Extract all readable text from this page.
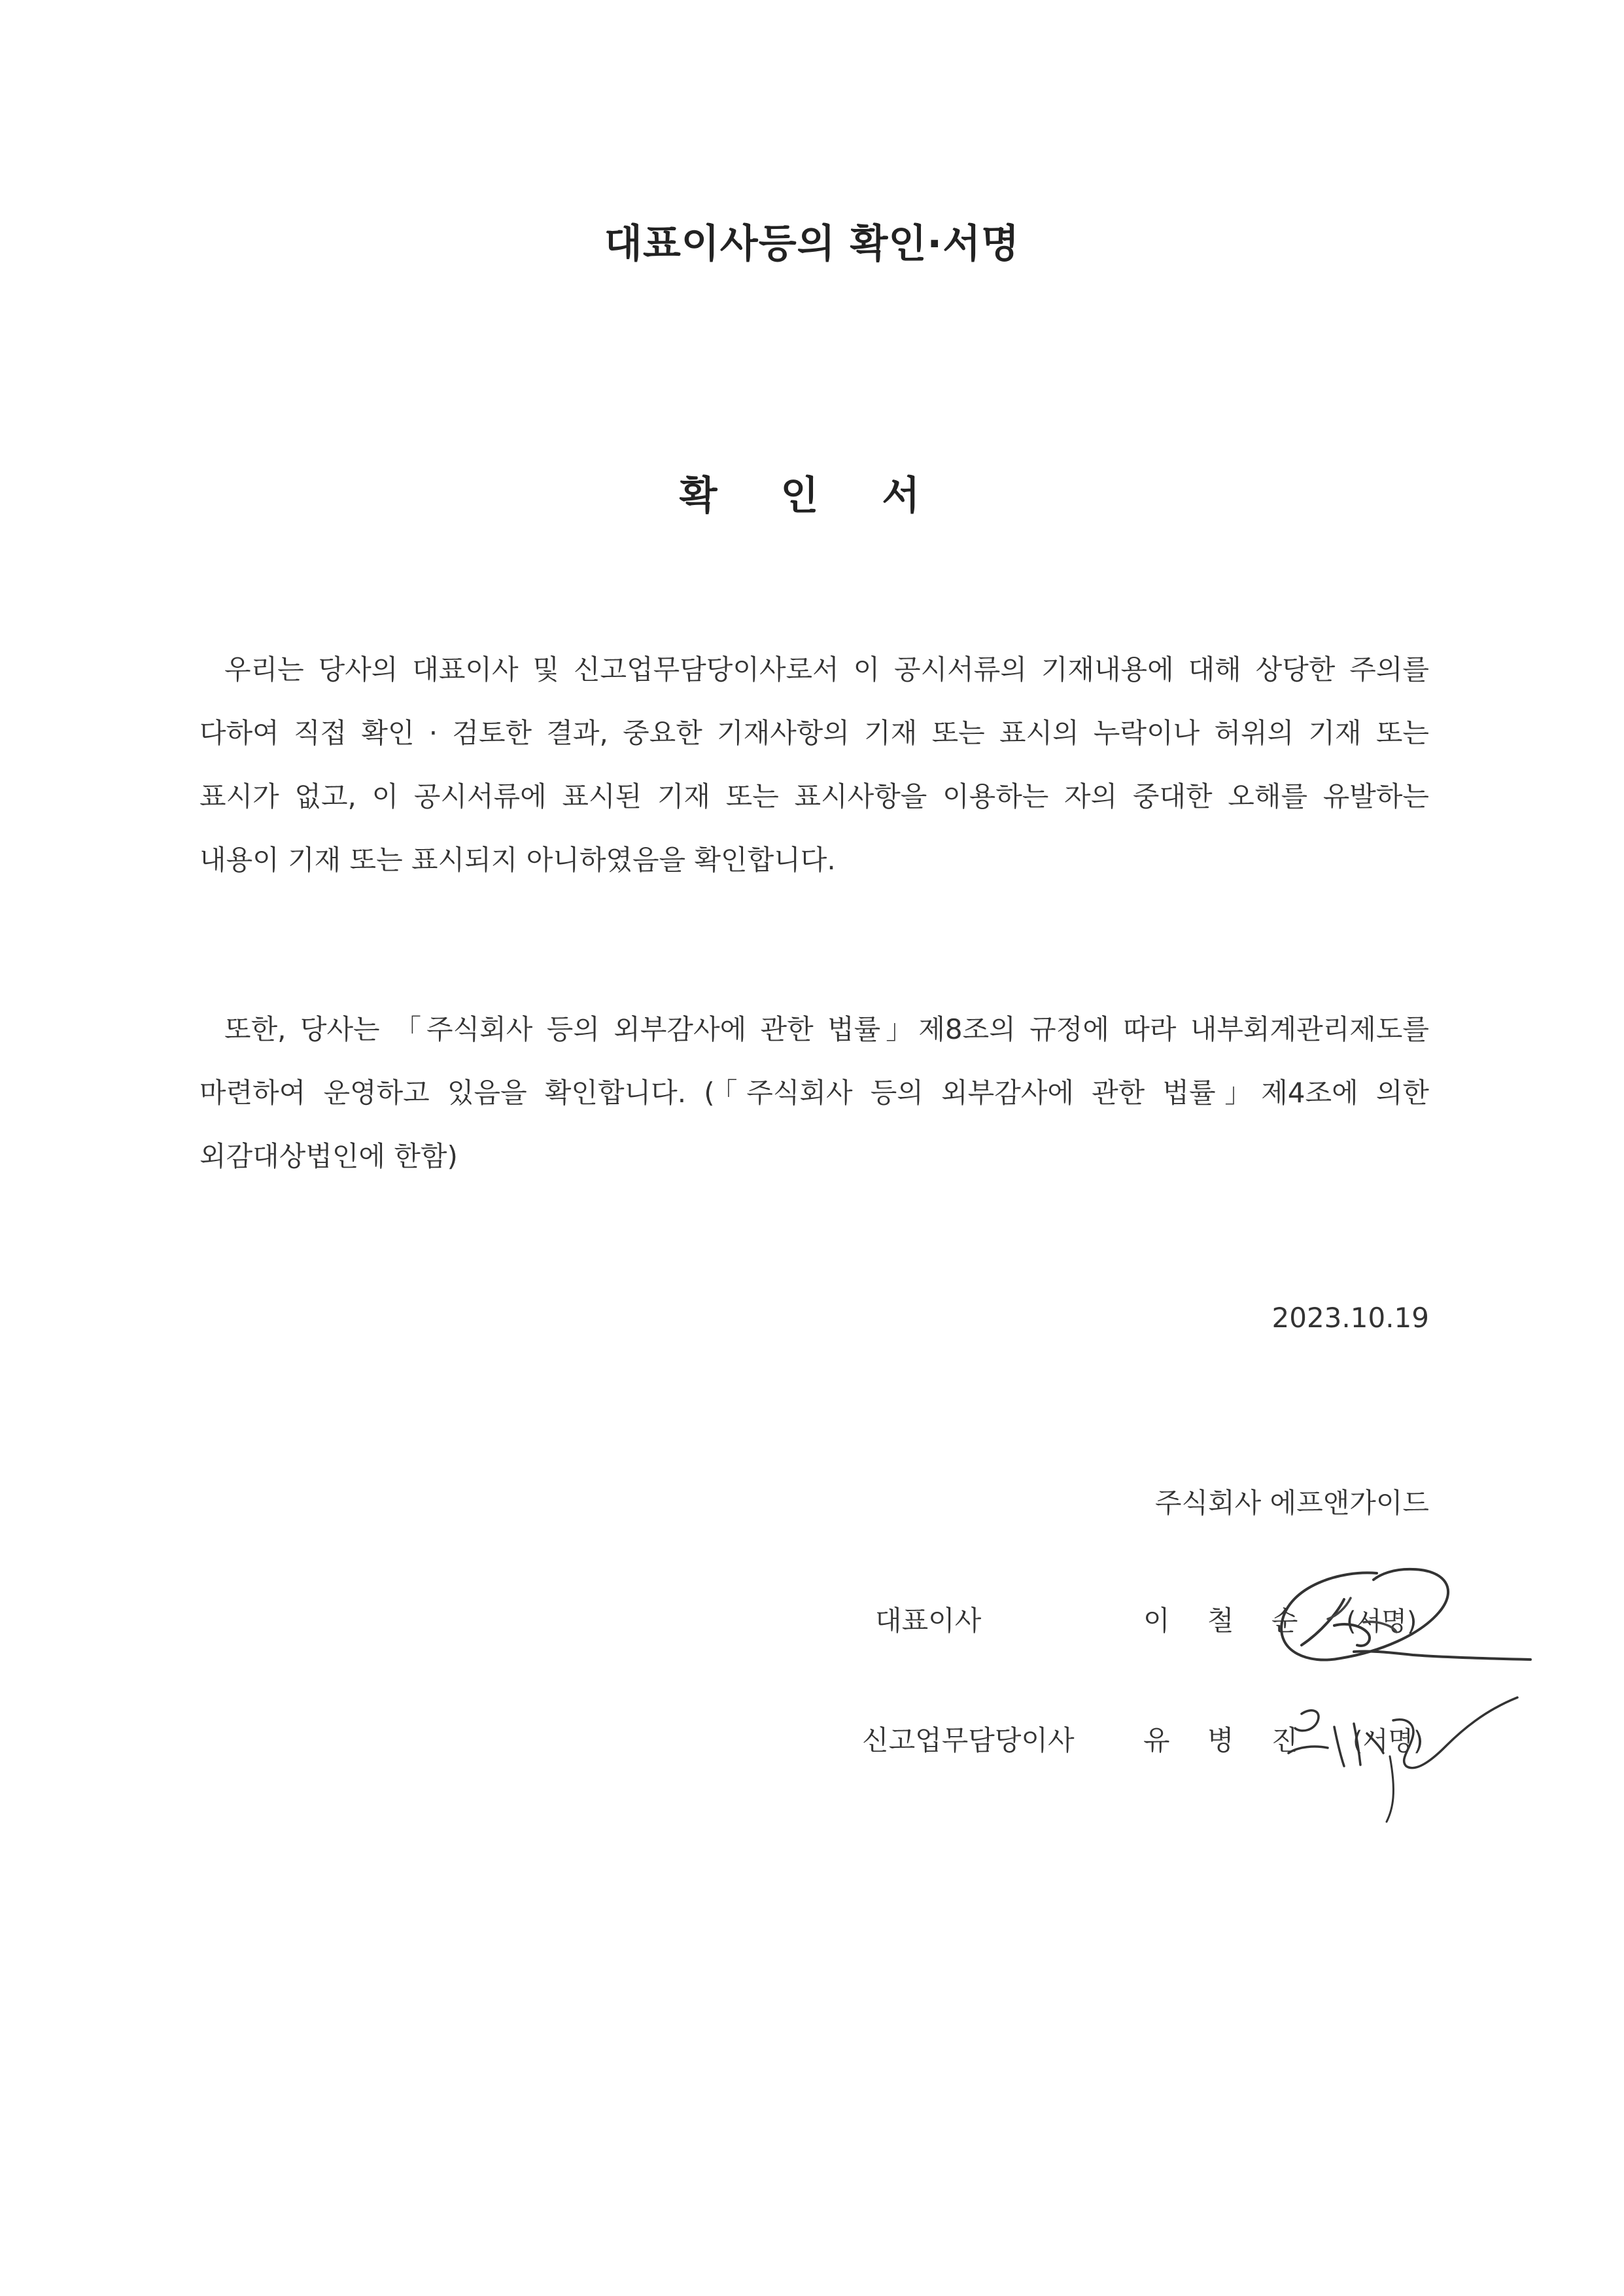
대표이사등의 확인·서명
확 인 서
우리는 당사의 대표이사 및 신고업무담당이사로서 이 공시서류의 기재내용에 대해 상당한 주의를
다하여 직접 확인 · 검토한 결과, 중요한 기재사항의 기재 또는 표시의 누락이나 허위의 기재 또는
표시가 없고, 이 공시서류에 표시된 기재 또는 표시사항을 이용하는 자의 중대한 오해를 유발하는
내용이 기재 또는 표시되지 아니하였음을 확인합니다.
또한, 당사는 「주식회사 등의 외부감사에 관한 법률」제8조의 규정에 따라 내부회계관리제도를
마련하여 운영하고 있음을 확인합니다. (「주식회사 등의 외부감사에 관한 법률」제4조에 의한
외감대상법인에 한함)
2023.10.19
주식회사 에프앤가이드
대표이사	이 철 순 (서명)
신고업무담당이사	유 병 진 (서명)
